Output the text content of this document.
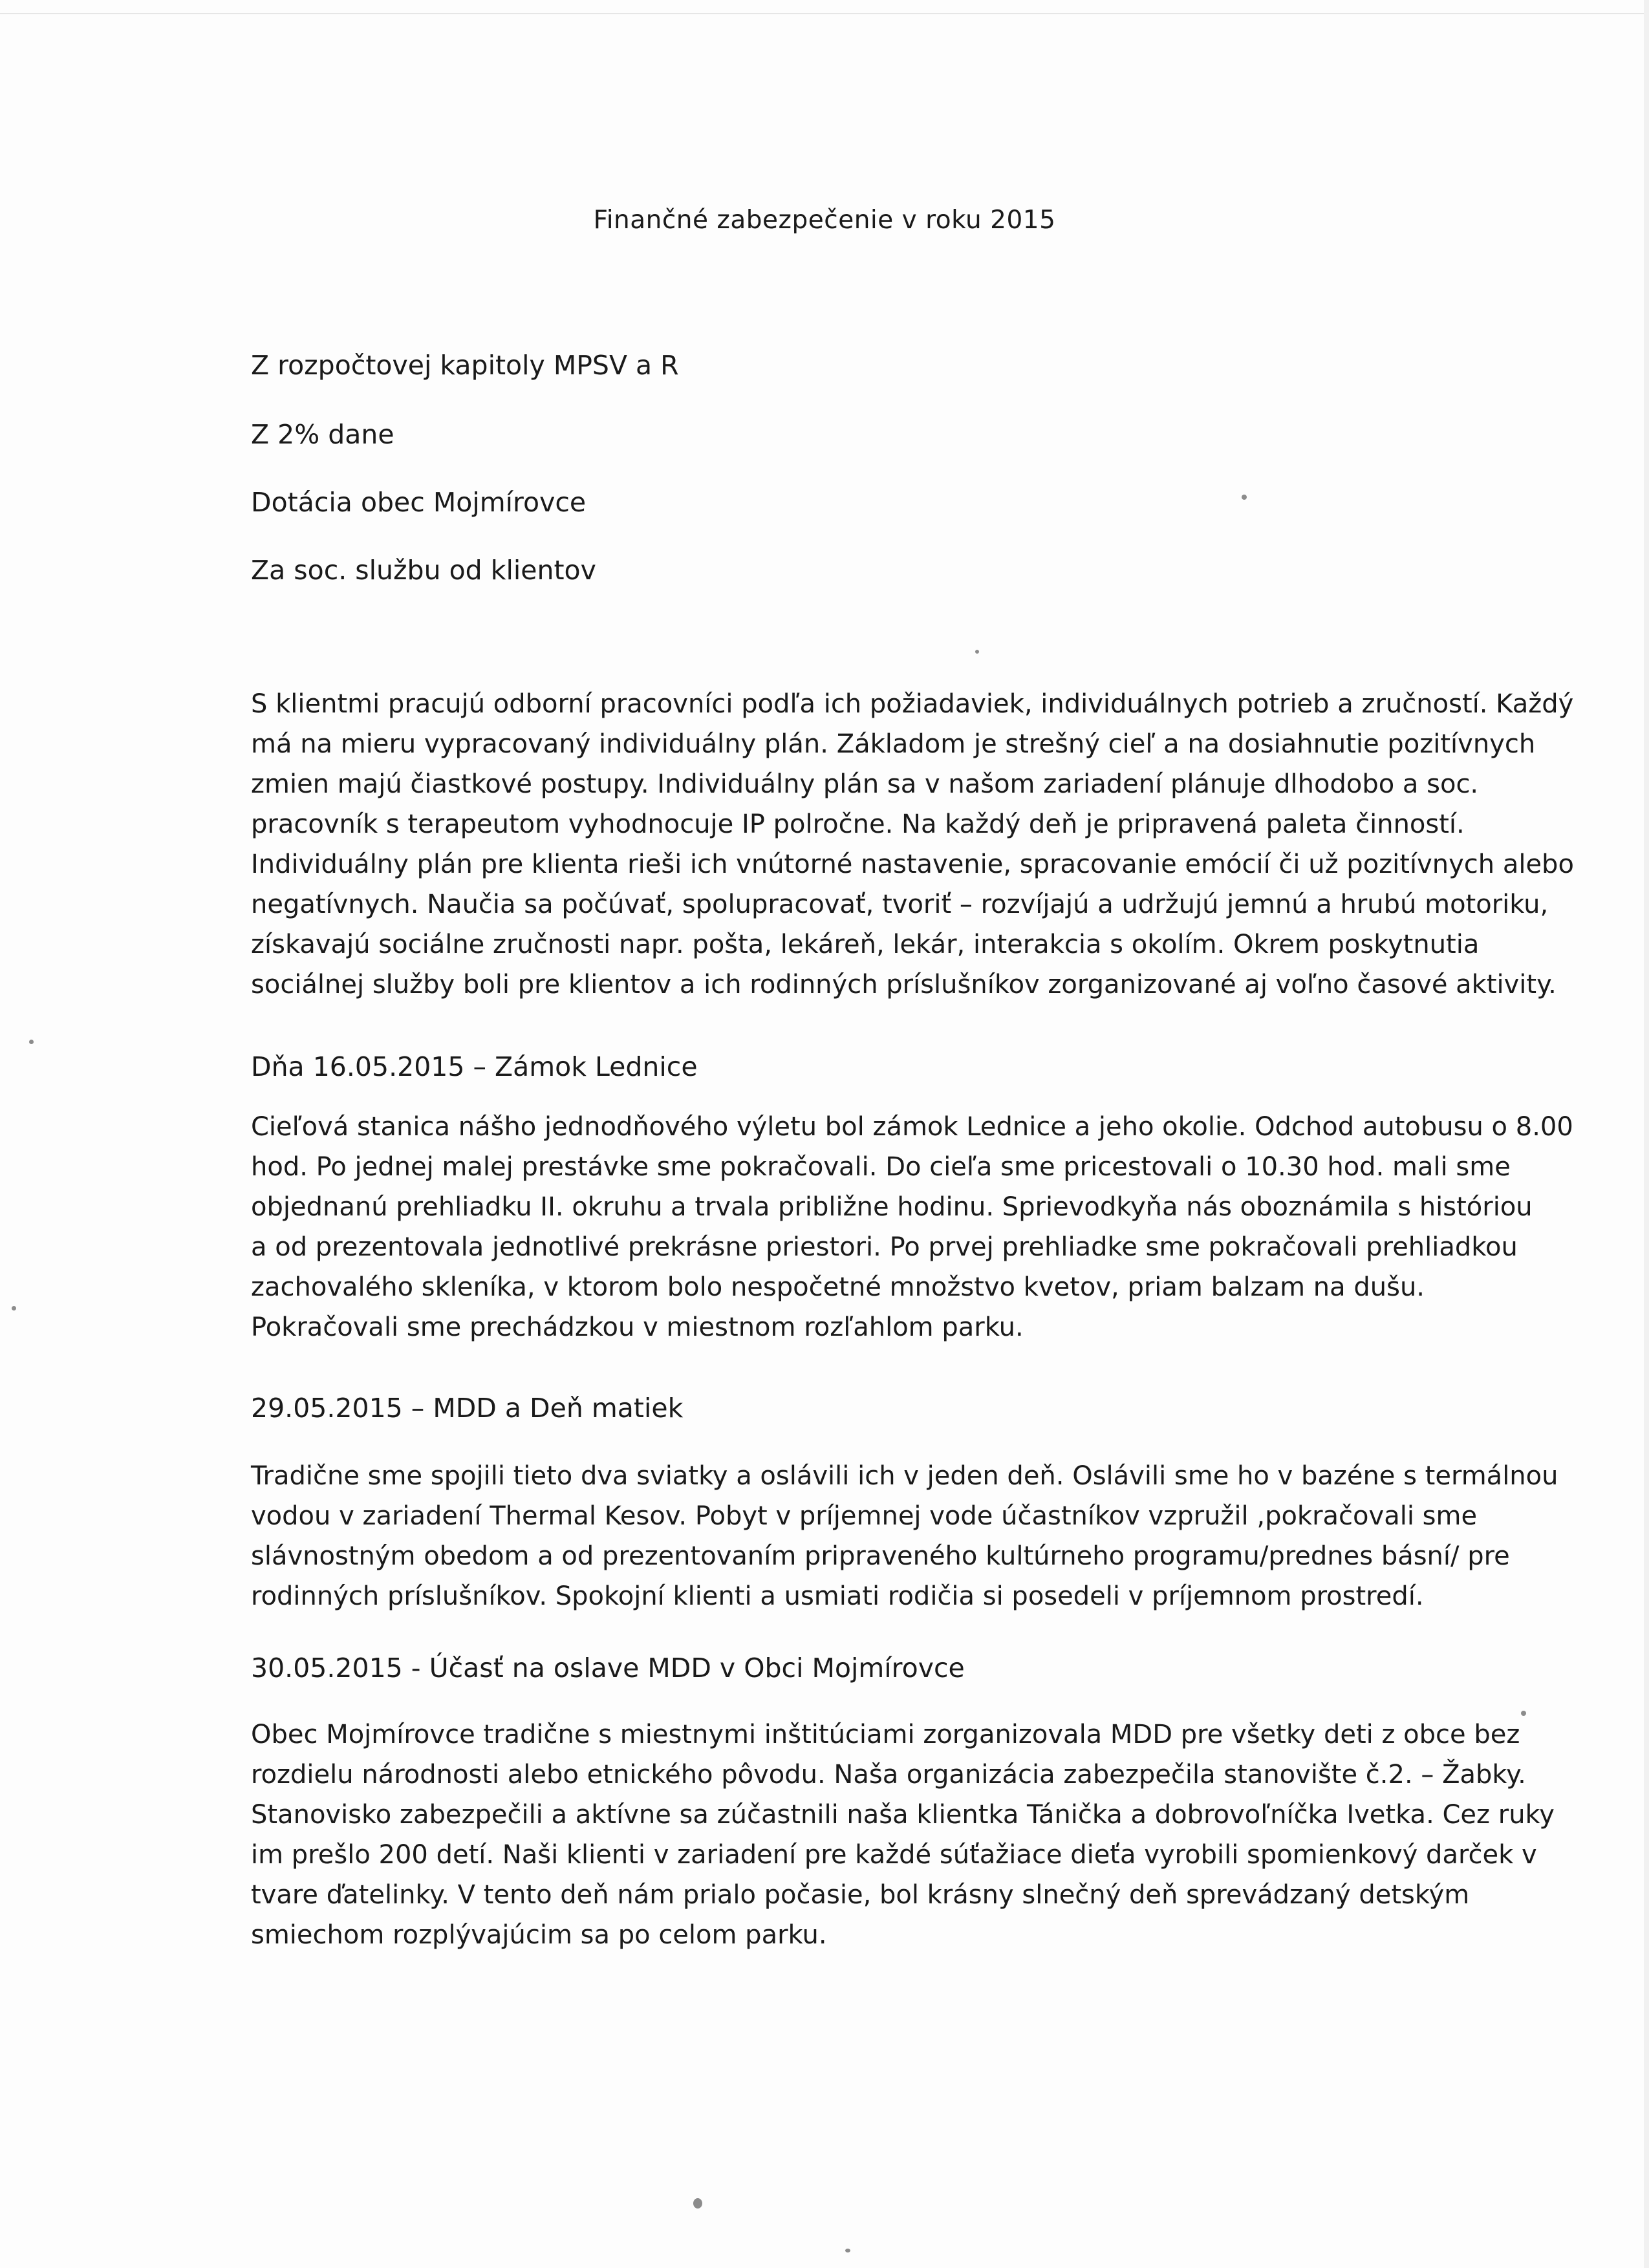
Finančné zabezpečenie v roku 2015
Z rozpočtovej kapitoly MPSV a R
Z 2% dane
Dotácia obec Mojmírovce
Za soc. službu od klientov
S klientmi pracujú odborní pracovníci podľa ich požiadaviek, individuálnych potrieb a zručností. Každý
má na mieru vypracovaný individuálny plán. Základom je strešný cieľ a na dosiahnutie pozitívnych
zmien majú čiastkové postupy. Individuálny plán sa v našom zariadení plánuje dlhodobo a soc.
pracovník s terapeutom vyhodnocuje IP polročne. Na každý deň je pripravená paleta činností.
Individuálny plán pre klienta rieši ich vnútorné nastavenie, spracovanie emócií či už pozitívnych alebo
negatívnych. Naučia sa počúvať, spolupracovať, tvoriť – rozvíjajú a udržujú jemnú a hrubú motoriku,
získavajú sociálne zručnosti napr. pošta, lekáreň, lekár, interakcia s okolím. Okrem poskytnutia
sociálnej služby boli pre klientov a ich rodinných príslušníkov zorganizované aj voľno časové aktivity.
Dňa 16.05.2015 – Zámok Lednice
Cieľová stanica nášho jednodňového výletu bol zámok Lednice a jeho okolie. Odchod autobusu o 8.00
hod. Po jednej malej prestávke sme pokračovali. Do cieľa sme pricestovali o 10.30 hod. mali sme
objednanú prehliadku II. okruhu a trvala približne hodinu. Sprievodkyňa nás oboznámila s históriou
a od prezentovala jednotlivé prekrásne priestori. Po prvej prehliadke sme pokračovali prehliadkou
zachovalého skleníka, v ktorom bolo nespočetné množstvo kvetov, priam balzam na dušu.
Pokračovali sme prechádzkou v miestnom rozľahlom parku.
29.05.2015 – MDD a Deň matiek
Tradične sme spojili tieto dva sviatky a oslávili ich v jeden deň. Oslávili sme ho v bazéne s termálnou
vodou v zariadení Thermal Kesov. Pobyt v príjemnej vode účastníkov vzpružil ,pokračovali sme
slávnostným obedom a od prezentovaním pripraveného kultúrneho programu/prednes básní/ pre
rodinných príslušníkov. Spokojní klienti a usmiati rodičia si posedeli v príjemnom prostredí.
30.05.2015 - Účasť na oslave MDD v Obci Mojmírovce
Obec Mojmírovce tradične s miestnymi inštitúciami zorganizovala MDD pre všetky deti z obce bez
rozdielu národnosti alebo etnického pôvodu. Naša organizácia zabezpečila stanovište č.2. – Žabky.
Stanovisko zabezpečili a aktívne sa zúčastnili naša klientka Tánička a dobrovoľníčka Ivetka. Cez ruky
im prešlo 200 detí. Naši klienti v zariadení pre každé súťažiace dieťa vyrobili spomienkový darček v
tvare ďatelinky. V tento deň nám prialo počasie, bol krásny slnečný deň sprevádzaný detským
smiechom rozplývajúcim sa po celom parku.
